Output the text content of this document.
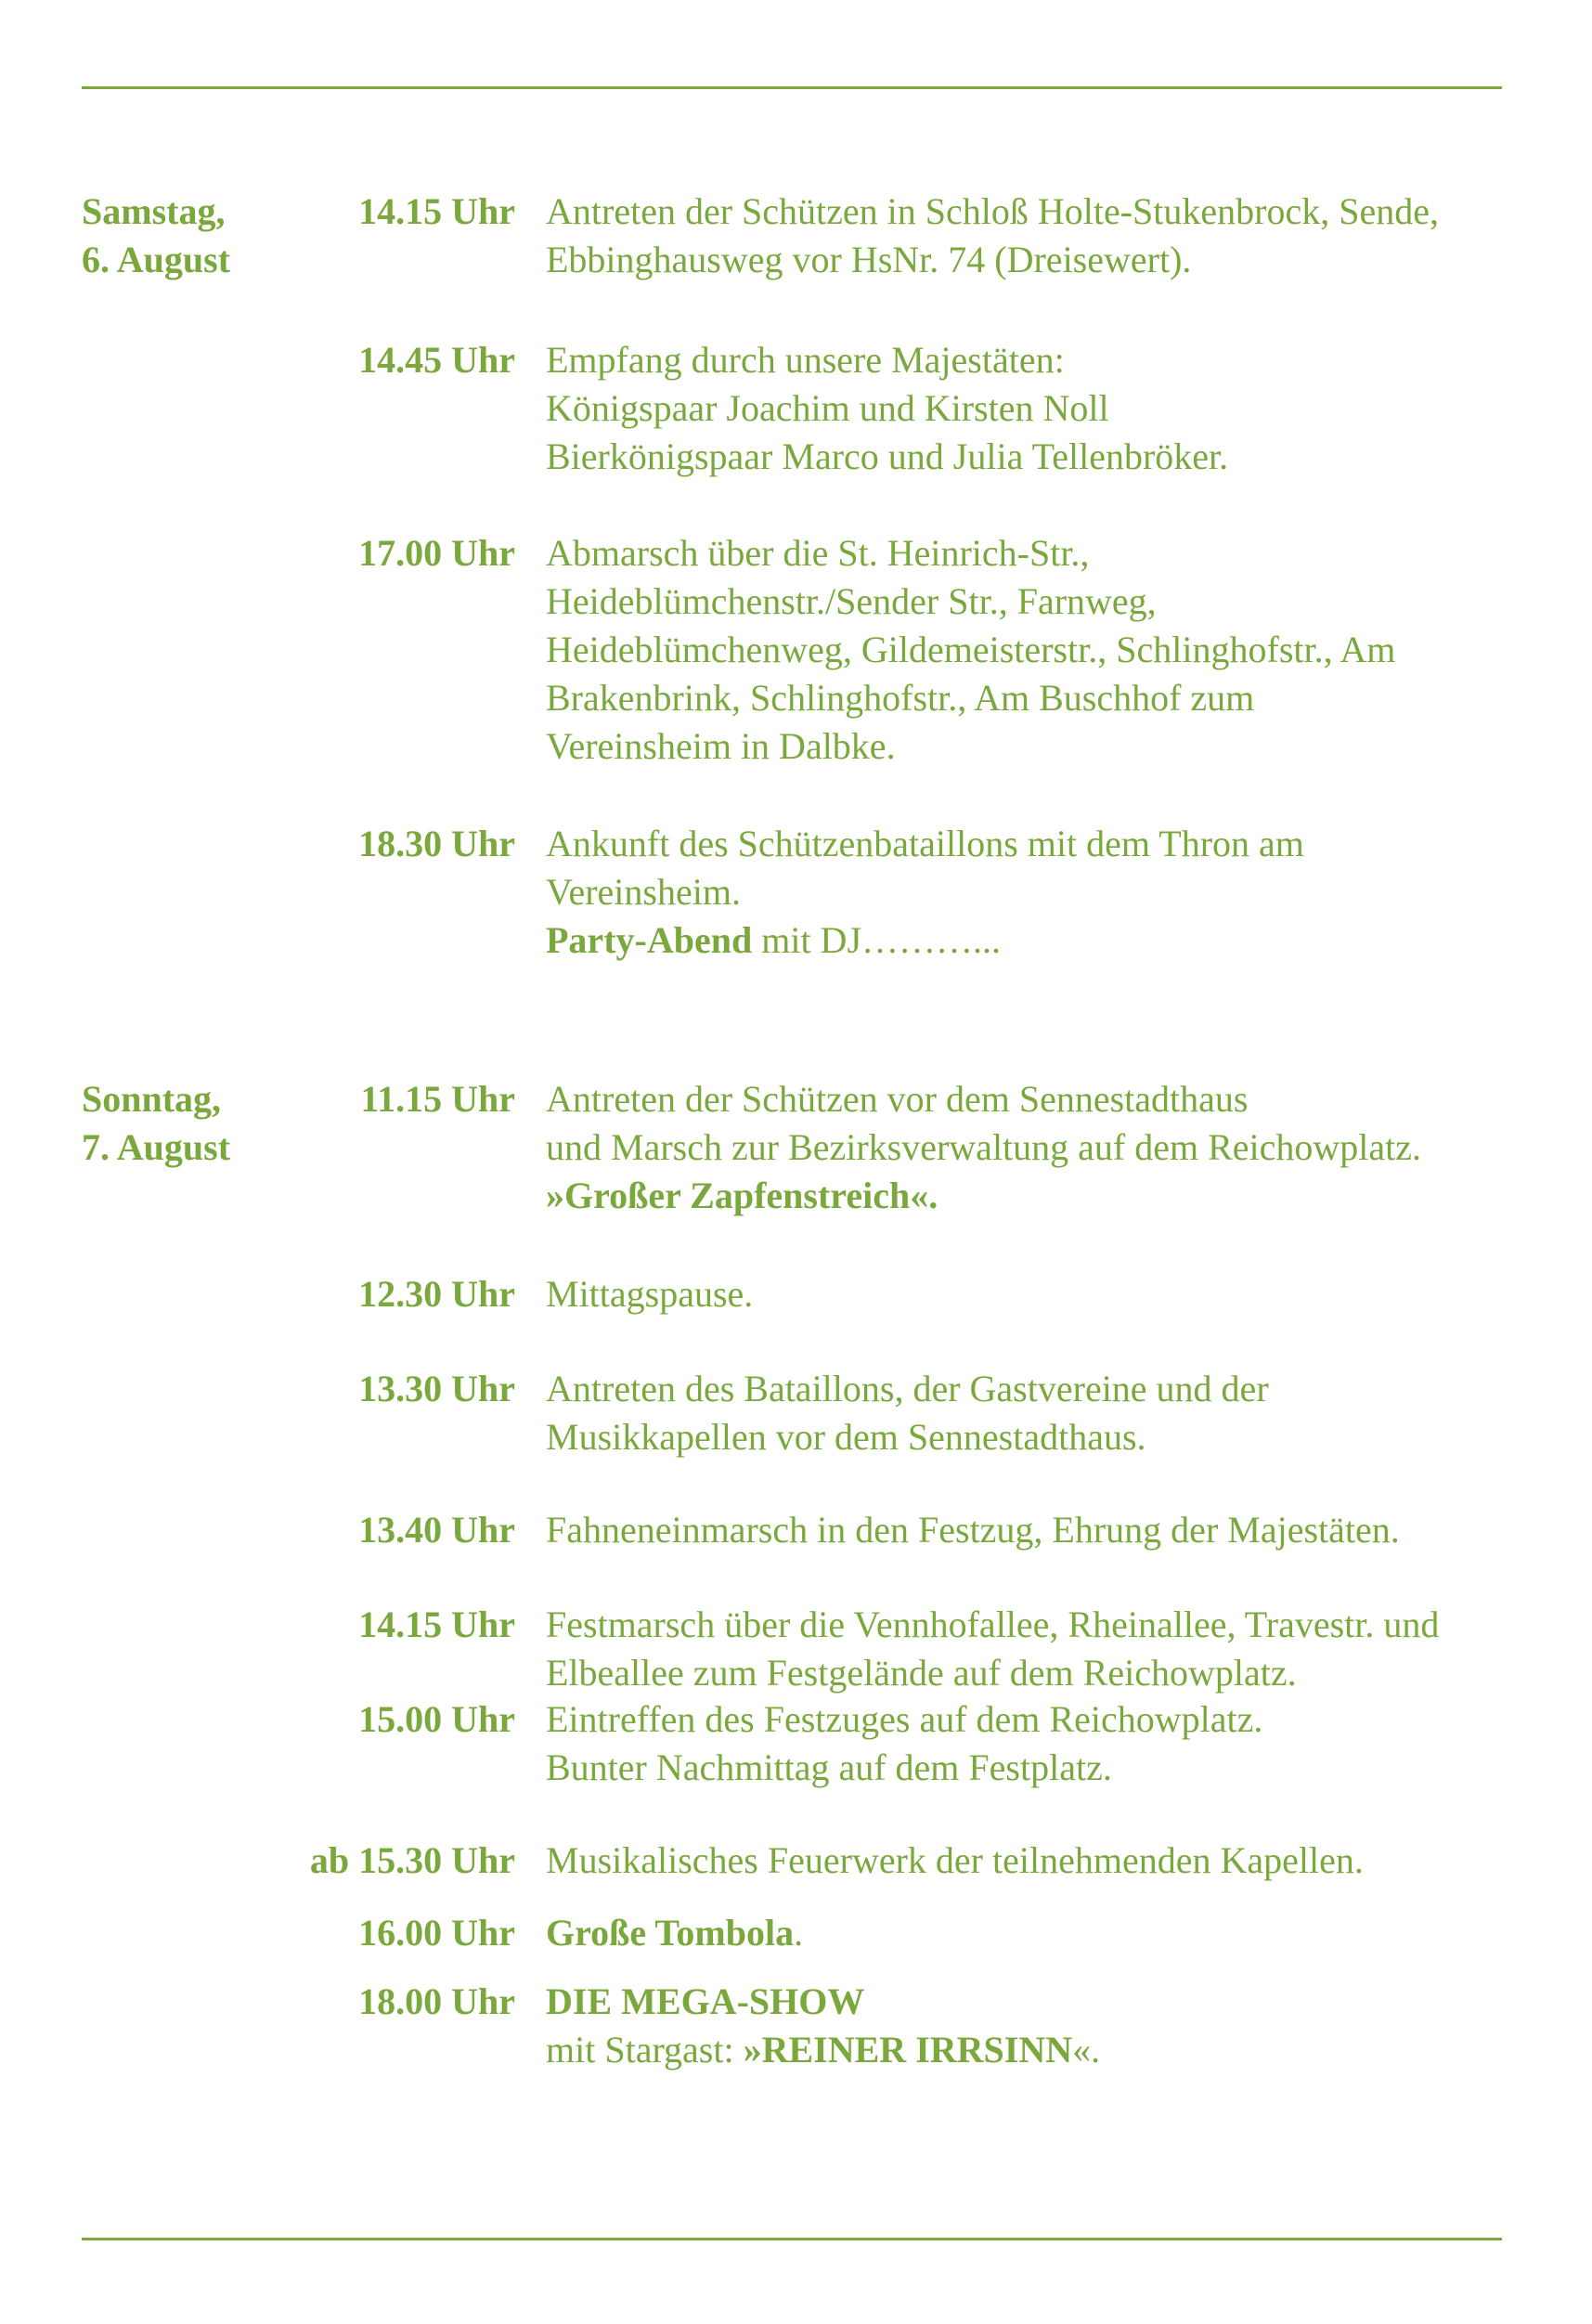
Samstag,
6. August
Sonntag,
7. August
14.15 Uhr Antreten der Schützen in Schloß Holte-Stukenbrock, Sende,
Ebbinghausweg vor HsNr. 74 (Dreisewert).
14.45 Uhr Empfang durch unsere Majestäten:
Königspaar Joachim und Kirsten Noll
Bierkönigspaar Marco und Julia Tellenbröker.
17.00 Uhr Abmarsch über die St. Heinrich-Str.,
Heideblümchenstr./Sender Str., Farnweg,
Heideblümchenweg, Gildemeisterstr., Schlinghofstr., Am
Brakenbrink, Schlinghofstr., Am Buschhof zum
Vereinsheim in Dalbke.
18.30 Uhr Ankunft des Schützenbataillons mit dem Thron am
Vereinsheim.
Party-Abend mit DJ………...
11.15 Uhr Antreten der Schützen vor dem Sennestadthaus
und Marsch zur Bezirksverwaltung auf dem Reichowplatz.
»Großer Zapfenstreich«.
12.30 Uhr Mittagspause.
13.30 Uhr Antreten des Bataillons, der Gastvereine und der
Musikkapellen vor dem Sennestadthaus.
13.40 Uhr Fahneneinmarsch in den Festzug, Ehrung der Majestäten.
14.15 Uhr Festmarsch über die Vennhofallee, Rheinallee, Travestr. und
Elbeallee zum Festgelände auf dem Reichowplatz.
15.00 Uhr Eintreffen des Festzuges auf dem Reichowplatz.
Bunter Nachmittag auf dem Festplatz.
ab 15.30 Uhr Musikalisches Feuerwerk der teilnehmenden Kapellen.
16.00 Uhr Große Tombola.
18.00 Uhr DIE MEGA-SHOW
mit Stargast: »REINER IRRSINN«.
